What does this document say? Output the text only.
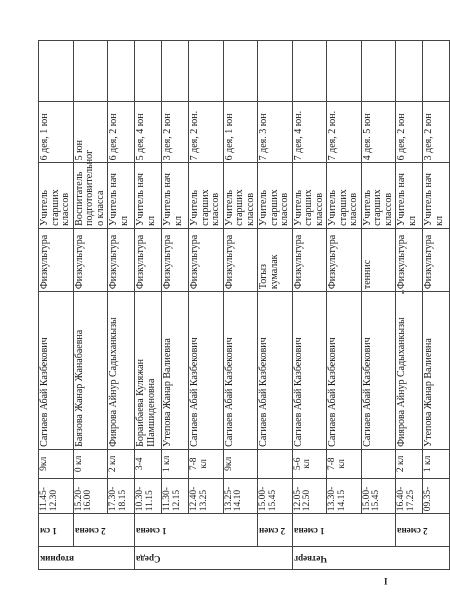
вторник	1 см	11.45-12.30	9кл	Сагиаев Абай Казбекович	Физкультура	Учитель старших классов	6 дея, 1 юн	
	2 смена	15.20-16.00	0 кл	Баязова Жанар Жанабаевна	Физкультура	Воспитатель подготовительног о класса	5 юн	
		17.30-18.15	2 кл	Фиярова Айнур Садыханкызы	Физкультура	Учитель нач кл	6 дея, 2 юн	
Среда	1 смена	10.30-11.15	3-4	Бораибаева Куляжан Шамшиденовна	Физкультура	Учитель нач кл	5 дея, 4 юн	
		11.30-12.15	1 кл	Утепова Жанар Валиевна	Физкультура	Учитель нач кл	3 дея, 2 юн	
		12.40-13.25	7-8 кл	Сагиаев Абай Казбекович	Физкультура	Учитель старших классов	7 дея, 2 юн.	
		13.25-14.10	9кл	Сагиаев Абай Казбекович	Физкультура	Учитель старших классов	6 дея, 1 юн	
	2 смен	15.00-15.45		Сагиаев Абай Казбекович	Тогыз кумалак	Учитель старших классов	7 дея. 3 юн	
Четверг	1 смена	12.05-12.50	5-6 кл	Сагиаев Абай Казбекович	Физкультура	Учитель старших классов	7 дея, 4 юн.	
		13.30-14.15	7-8 кл	Сагиаев Абай Казбекович	Физкультура	Учитель старших классов	7 дея, 2 юн.	
		15.00-15.45		Сагиаев Абай Казбекович	теннис	Учитель старших классов	4 дея. 5 юн	
	2 смена	16.40-17.25	2 кл	Фиярова Айнур Садыханкызы	Физкультура	Учитель нач кл	6 дея, 2 юн	
		09.35-	1 кл	Утепова Жанар Валиевна	Физкультура	Учитель нач кл	3 дея, 2 юн	
I
